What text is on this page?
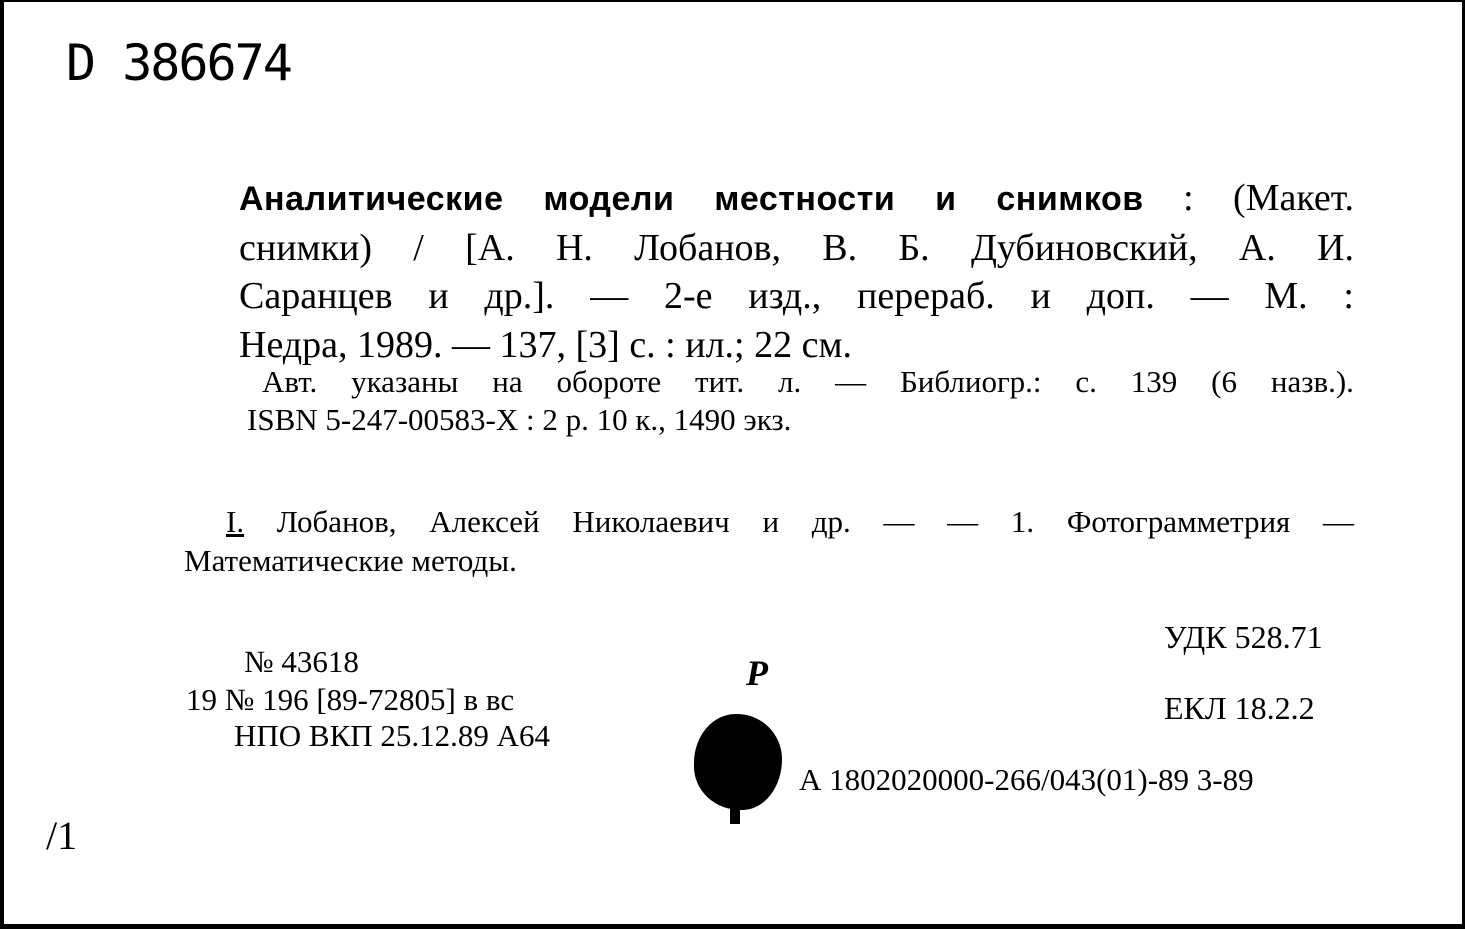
D 386674
Аналитические модели местности и снимков : (Макет.
снимки) / [А. Н. Лобанов, В. Б. Дубиновский, А. И.
Саранцев и др.]. — 2-е изд., перераб. и доп. — М. :
Недра, 1989. — 137, [3] с. : ил.; 22 см.
Авт. указаны на обороте тит. л. — Библиогр.: с. 139 (6 назв.).
ISBN 5-247-00583-X : 2 р. 10 к., 1490 экз.
I. Лобанов, Алексей Николаевич и др. — — 1. Фотограмметрия —
Математические методы.
УДК 528.71
ЕКЛ 18.2.2
А 1802020000-266/043(01)-89 3-89
№ 43618
19 № 196 [89-72805] в вс
НПО ВКП 25.12.89 А64
P
/1
